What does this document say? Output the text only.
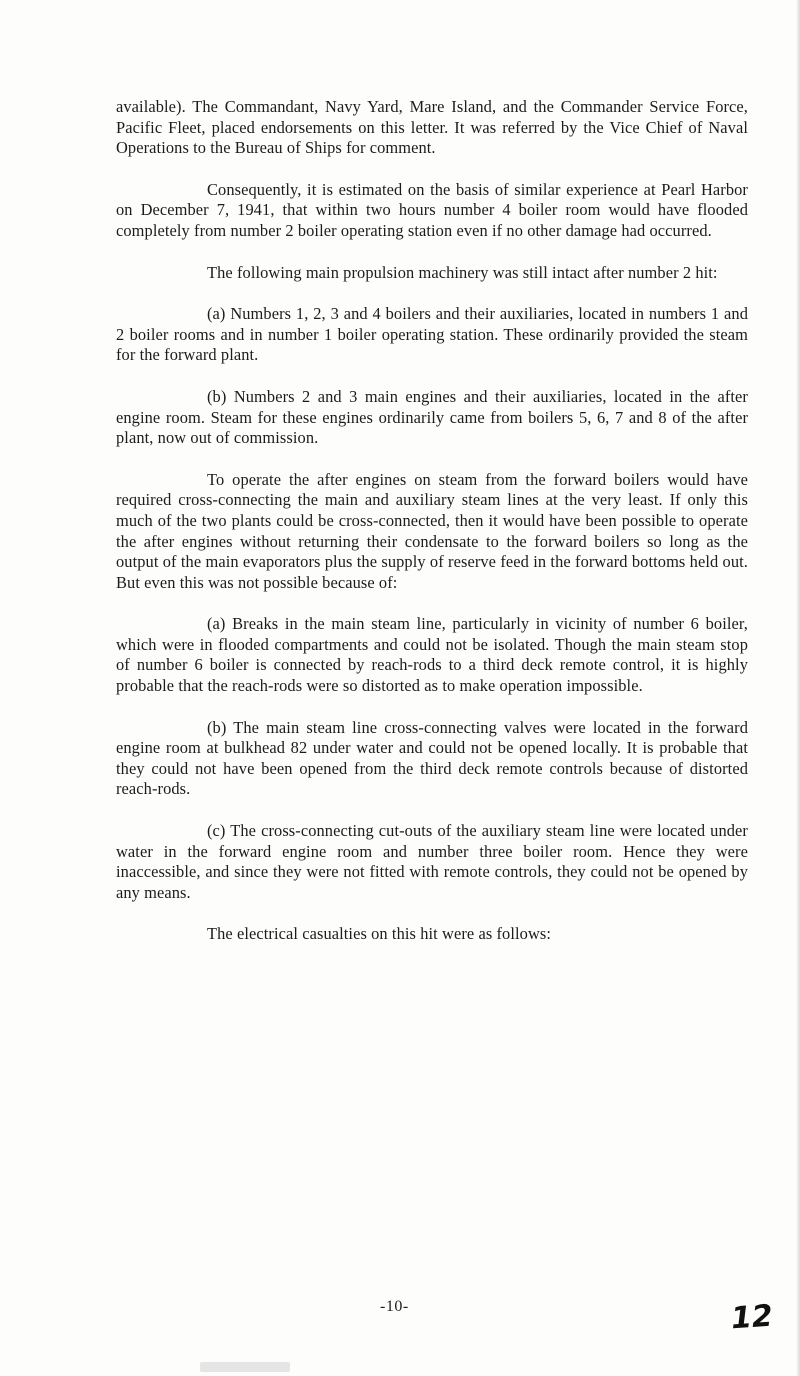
available). The Commandant, Navy Yard, Mare Island, and the Commander Service Force, Pacific Fleet, placed endorsements on this letter. It was referred by the Vice Chief of Naval Operations to the Bureau of Ships for comment.

Consequently, it is estimated on the basis of similar experience at Pearl Harbor on December 7, 1941, that within two hours number 4 boiler room would have flooded completely from number 2 boiler operating station even if no other damage had occurred.

The following main propulsion machinery was still intact after number 2 hit:

(a) Numbers 1, 2, 3 and 4 boilers and their auxiliaries, located in numbers 1 and 2 boiler rooms and in number 1 boiler operating station. These ordinarily provided the steam for the forward plant.

(b) Numbers 2 and 3 main engines and their auxiliaries, located in the after engine room. Steam for these engines ordinarily came from boilers 5, 6, 7 and 8 of the after plant, now out of commission.

To operate the after engines on steam from the forward boilers would have required cross-connecting the main and auxiliary steam lines at the very least. If only this much of the two plants could be cross-connected, then it would have been possible to operate the after engines without returning their condensate to the forward boilers so long as the output of the main evaporators plus the supply of reserve feed in the forward bottoms held out. But even this was not possible because of:

(a) Breaks in the main steam line, particularly in vicinity of number 6 boiler, which were in flooded compartments and could not be isolated. Though the main steam stop of number 6 boiler is connected by reach-rods to a third deck remote control, it is highly probable that the reach-rods were so distorted as to make operation impossible.

(b) The main steam line cross-connecting valves were located in the forward engine room at bulkhead 82 under water and could not be opened locally. It is probable that they could not have been opened from the third deck remote controls because of distorted reach-rods.

(c) The cross-connecting cut-outs of the auxiliary steam line were located under water in the forward engine room and number three boiler room. Hence they were inaccessible, and since they were not fitted with remote controls, they could not be opened by any means.

The electrical casualties on this hit were as follows:

-10-	12
